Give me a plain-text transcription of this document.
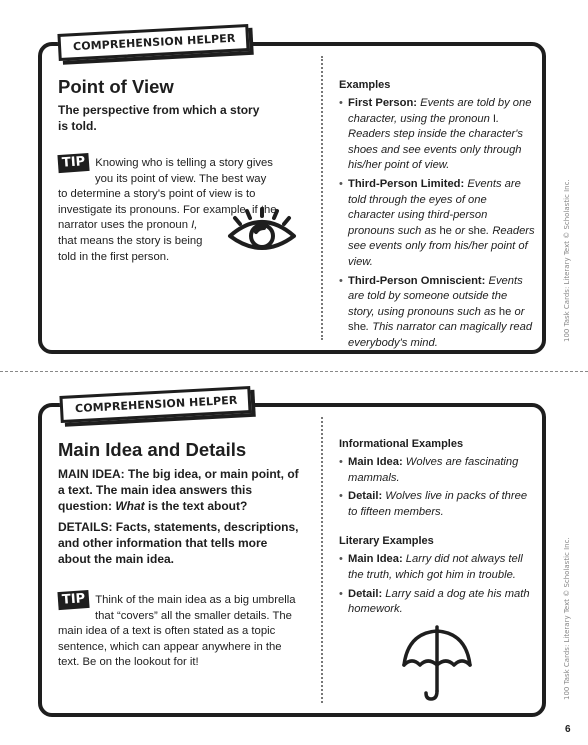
COMPREHENSION HELPER
Point of View

The perspective from which a story is told.

TIP Knowing who is telling a story gives
you its point of view. The best way
to determine a story's point of view is to
investigate its pronouns. For example, if the
narrator uses the pronoun I,
that means the story is being
told in the first person.
Examples
• First Person: Events are told by one character, using the pronoun I. Readers step inside the character's shoes and see events only through his/her point of view.
• Third-Person Limited: Events are told through the eyes of one character using third-person pronouns such as he or she. Readers see events only from his/her point of view.
• Third-Person Omniscient: Events are told by someone outside the story, using pronouns such as he or she. This narrator can magically read everybody's mind.
COMPREHENSION HELPER
Main Idea and Details

MAIN IDEA: The big idea, or main point, of a text. The main idea answers this question: What is the text about?

DETAILS: Facts, statements, descriptions, and other information that tells more about the main idea.

TIP Think of the main idea as a big umbrella
that “covers” all the smaller details. The
main idea of a text is often stated as a topic sentence, which can appear anywhere in the text. Be on the lookout for it!
Informational Examples
• Main Idea: Wolves are fascinating mammals.
• Detail: Wolves live in packs of three to fifteen members.
Literary Examples
• Main Idea: Larry did not always tell the truth, which got him in trouble.
• Detail: Larry said a dog ate his math homework.
100 Task Cards: Literary Text © Scholastic Inc.
100 Task Cards: Literary Text © Scholastic Inc.
6
